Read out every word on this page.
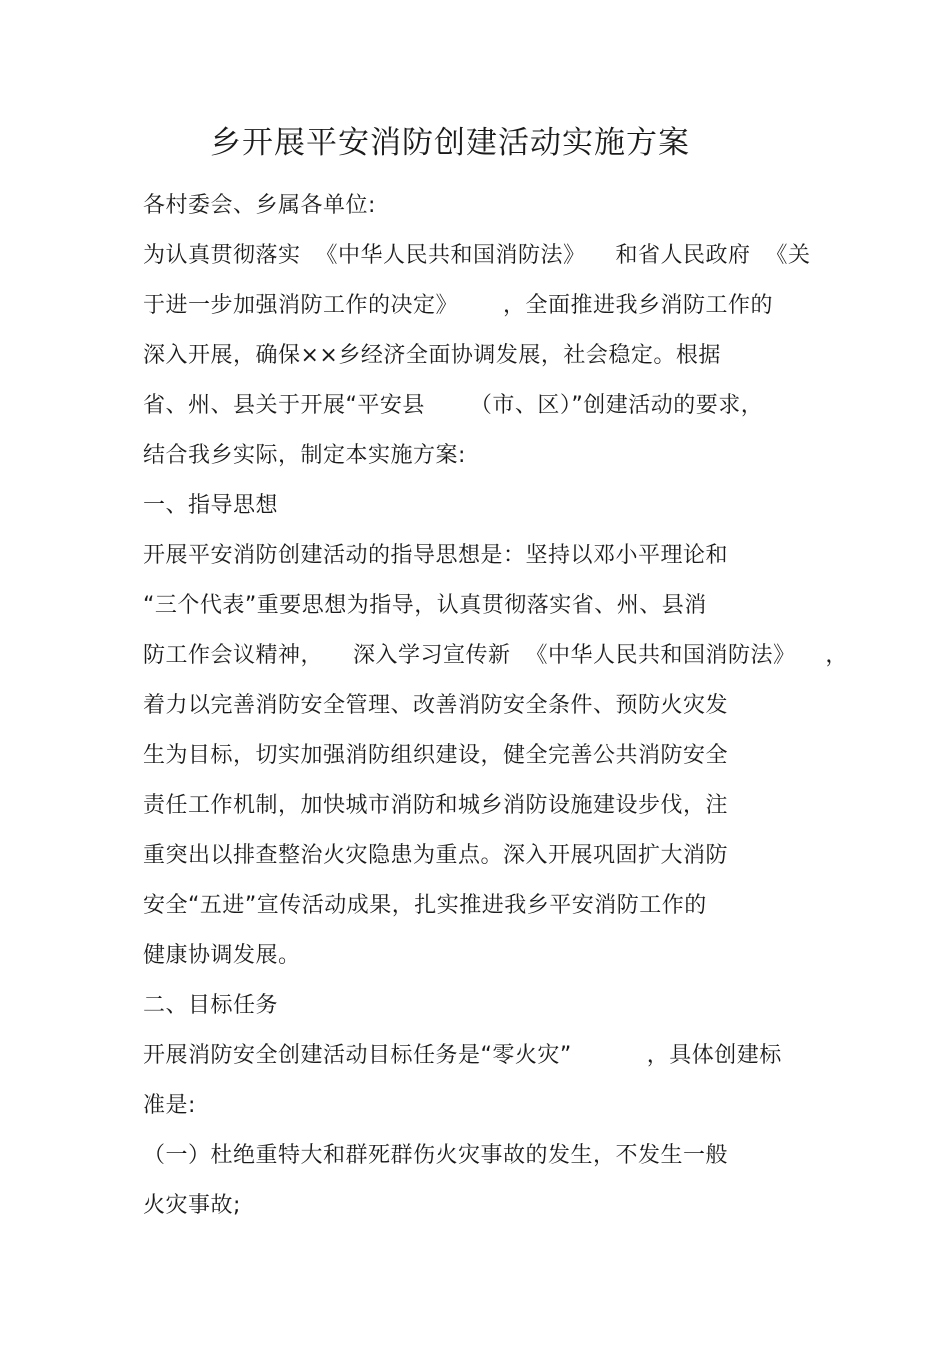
乡开展平安消防创建活动实施方案
各村委会、乡属各单位:
为认真贯彻落实  《中华人民共和国消防法》    和省人民政府  《关
于进一步加强消防工作的决定》      ，全面推进我乡消防工作的
深入开展，确保××乡经济全面协调发展，社会稳定。根据
省、州、县关于开展“平安县      （市、区）”创建活动的要求，
结合我乡实际，制定本实施方案:
一、指导思想
开展平安消防创建活动的指导思想是：坚持以邓小平理论和
“三个代表”重要思想为指导，认真贯彻落实省、州、县消
防工作会议精神，    深入学习宣传新  《中华人民共和国消防法》    ，
着力以完善消防安全管理、改善消防安全条件、预防火灾发
生为目标，切实加强消防组织建设，健全完善公共消防安全
责任工作机制，加快城市消防和城乡消防设施建设步伐，注
重突出以排查整治火灾隐患为重点。深入开展巩固扩大消防
安全“五进”宣传活动成果，扎实推进我乡平安消防工作的
健康协调发展。
二、目标任务
开展消防安全创建活动目标任务是“零火灾”          ，具体创建标
准是:
（一）杜绝重特大和群死群伤火灾事故的发生，不发生一般
火灾事故;
